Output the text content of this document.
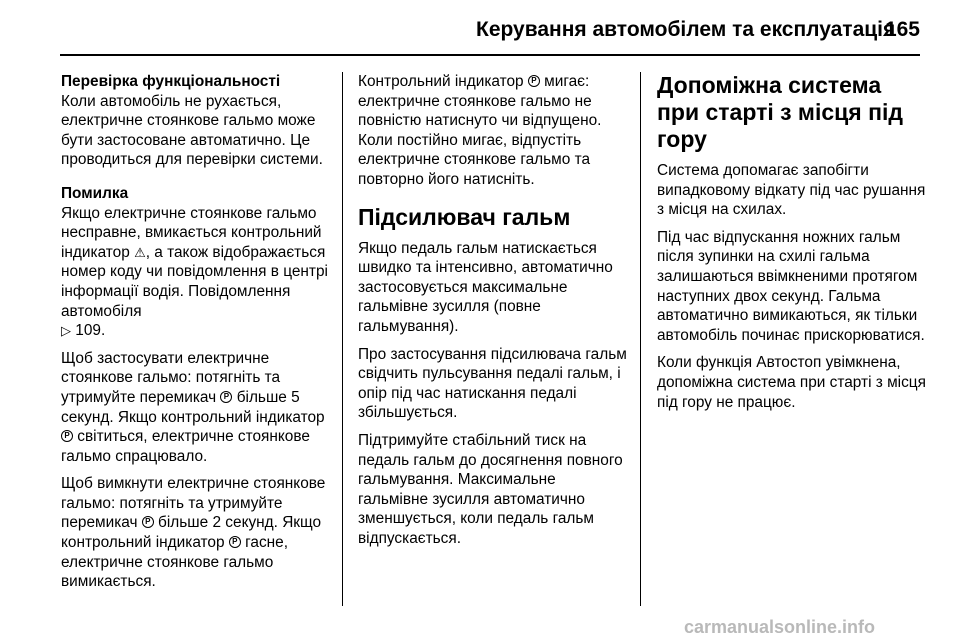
Керування автомобілем та експлуатація
165

Перевірка функціональності
Коли автомобіль не рухається, електричне стоянкове гальмо може бути застосоване автоматично. Це проводиться для перевірки системи.

Помилка
Якщо електричне стоянкове гальмо несправне, вмикається контрольний індикатор ⚠, а також відображається номер коду чи повідомлення в центрі інформації водія. Повідомлення автомобіля
▷ 109.

Щоб застосувати електричне стоянкове гальмо: потягніть та утримуйте перемикач P більше 5 секунд. Якщо контрольний індикатор P світиться, електричне стоянкове гальмо спрацювало.

Щоб вимкнути електричне стоянкове гальмо: потягніть та утримуйте перемикач P більше 2 секунд. Якщо контрольний індикатор P гасне, електричне стоянкове гальмо вимикається.

Контрольний індикатор P мигає: електричне стоянкове гальмо не повністю натиснуто чи відпущено. Коли постійно мигає, відпустіть електричне стоянкове гальмо та повторно його натисніть.

Підсилювач гальм

Якщо педаль гальм натискається швидко та інтенсивно, автоматично застосовується максимальне гальмівне зусилля (повне гальмування).

Про застосування підсилювача гальм свідчить пульсування педалі гальм, і опір під час натискання педалі збільшується.

Підтримуйте стабільний тиск на педаль гальм до досягнення повного гальмування. Максимальне гальмівне зусилля автоматично зменшується, коли педаль гальм відпускається.

Допоміжна система при старті з місця під гору

Система допомагає запобігти випадковому відкату під час рушання з місця на схилах.

Під час відпускання ножних гальм після зупинки на схилі гальма залишаються ввімкненими протягом наступних двох секунд. Гальма автоматично вимикаються, як тільки автомобіль починає прискорюватися.

Коли функція Автостоп увімкнена, допоміжна система при старті з місця під гору не працює.

carmanualsonline.info
